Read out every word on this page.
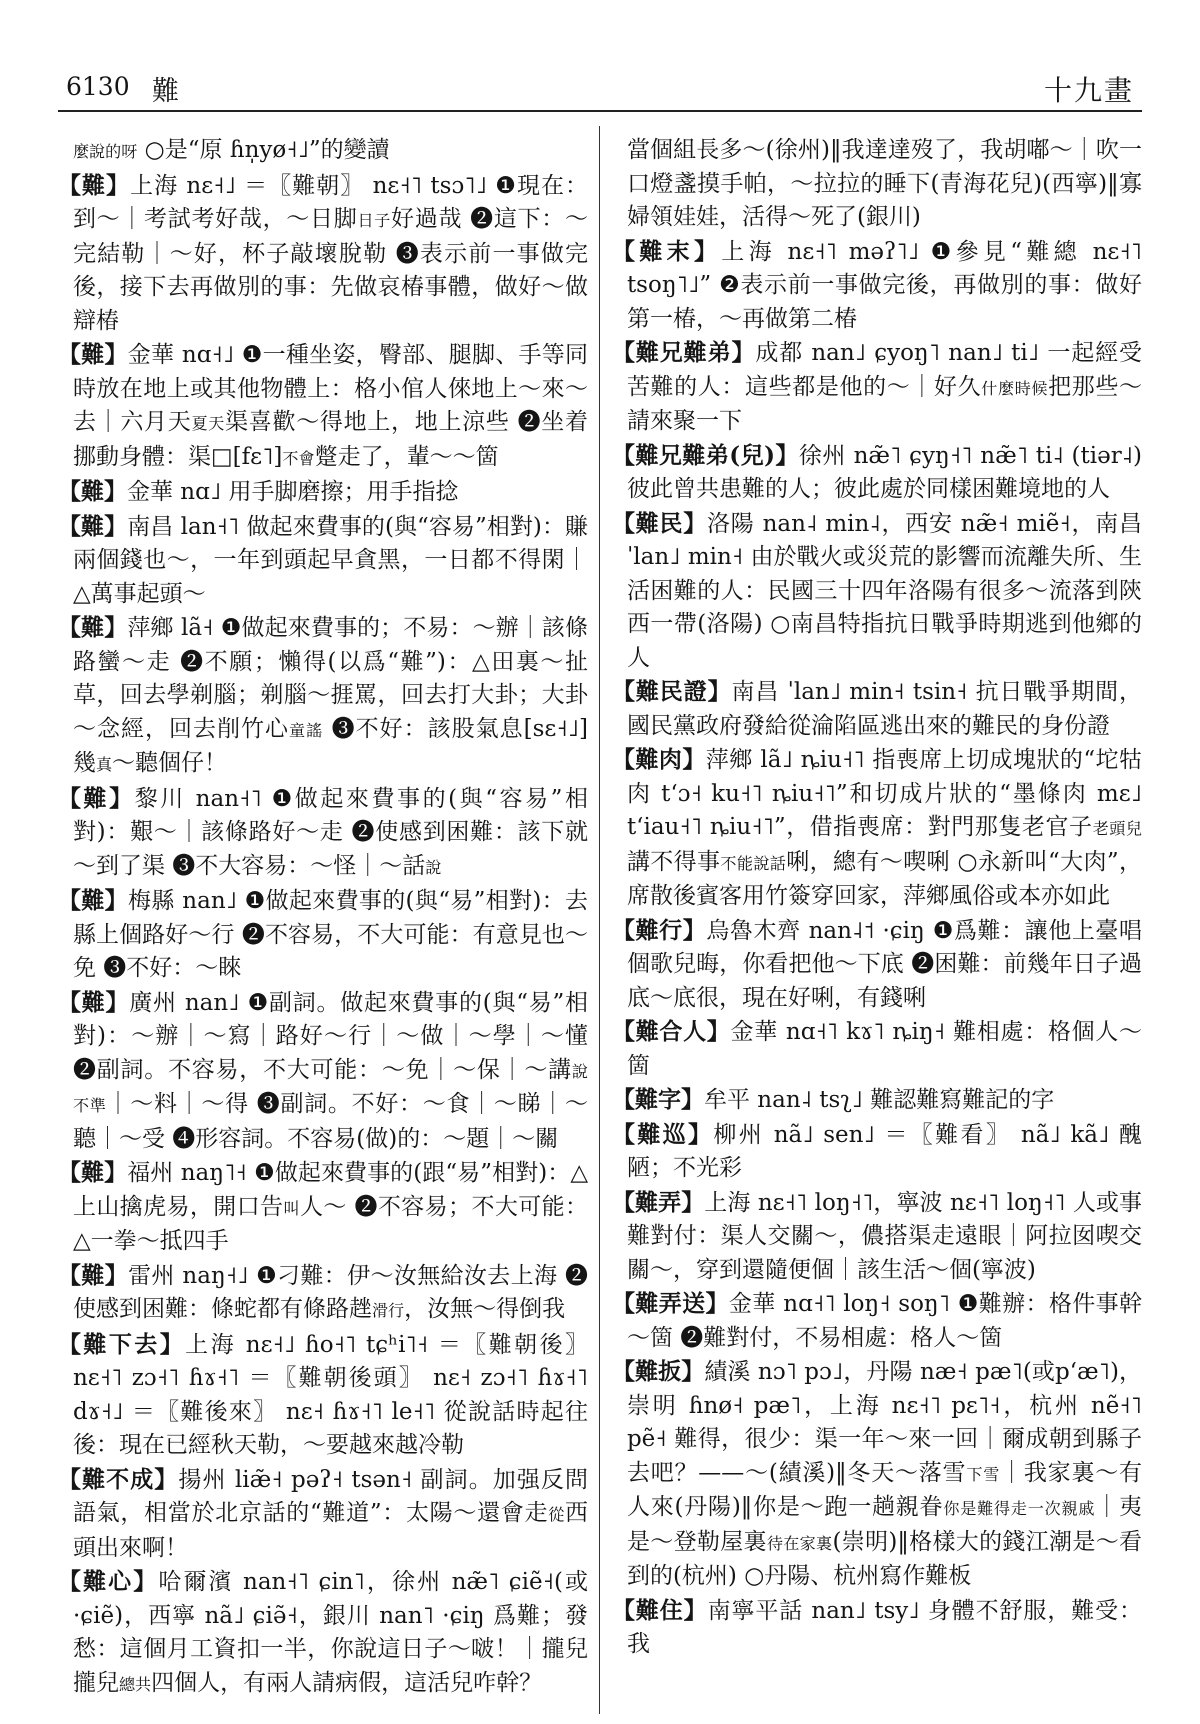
6130 難	十九畫

麼說的呀 ○是“原 ɦn̩yø˧˩”的變讀

【難】上海 nɛ˧˩ ＝〖難朝〗 nɛ˧˥ tsɔ˥˩ ❶現在：到～｜考試考好哉，～日脚日子好過哉 ❷這下：～完結勒｜～好，杯子敲壞脫勒 ❸表示前一事做完後，接下去再做別的事：先做哀椿事體，做好～做辯椿

【難】金華 nɑ˧˩ ❶一種坐姿，臀部、腿脚、手等同時放在地上或其他物體上：格小倌人倈地上～來～去｜六月天夏天渠喜歡～得地上，地上涼些 ❷坐着挪動身體：渠□[fɛ˥]不會蹩走了，輩～～箇

【難】金華 nɑ˩ 用手脚磨擦；用手指捻

【難】南昌 lan˧˥ 做起來費事的(與“容易”相對)：賺兩個錢也～，一年到頭起早貪黑，一日都不得閑｜△萬事起頭～

【難】萍鄉 lã˧ ❶做起來費事的；不易：～辦｜該條路蠻～走 ❷不願；懶得(以爲“難”)：△田裏～扯草，回去學剃腦；剃腦～捱罵，回去打大卦；大卦～念經，回去削竹心童謠 ❸不好：該股氣息[sɛ˧˩]幾真～聽個仔！

【難】黎川 nan˧˥ ❶做起來費事的(與“容易”相對)：艱～｜該條路好～走 ❷使感到困難：該下就～到了渠 ❸不大容易：～怪｜～話說

【難】梅縣 nan˩ ❶做起來費事的(與“易”相對)：去縣上個路好～行 ❷不容易，不大可能：有意見也～免 ❸不好：～睞

【難】廣州 nan˩ ❶副詞。做起來費事的(與“易”相對)：～辦｜～寫｜路好～行｜～做｜～學｜～懂 ❷副詞。不容易，不大可能：～免｜～保｜～講說不準｜～料｜～得 ❸副詞。不好：～食｜～睇｜～聽｜～受 ❹形容詞。不容易(做)的：～題｜～關

【難】福州 naŋ˥˧ ❶做起來費事的(跟“易”相對)：△上山擒虎易，開口告叫人～ ❷不容易；不大可能：△一拳～抵四手

【難】雷州 naŋ˧˩ ❶刁難：伊～汝無給汝去上海 ❷使感到困難：條蛇都有條路趖滑行，汝無～得倒我

【難下去】上海 nɛ˧˩ ɦo˧˥ tɕʰi˥˧ ＝〖難朝後〗 nɛ˧˥ zɔ˧˥ ɦɤ˧˥ ＝〖難朝後頭〗 nɛ˧ zɔ˧˥ ɦɤ˧˥ dɤ˧˩ ＝〖難後來〗 nɛ˧ ɦɤ˧˥ le˧˥ 從說話時起往後：現在已經秋天勒，～要越來越冷勒

【難不成】揚州 liæ̃˧ pəʔ˧ tsən˧ 副詞。加强反問語氣，相當於北京話的“難道”：太陽～還會走從西頭出來啊！

【難心】哈爾濱 nan˧˥ ɕin˥，徐州 næ̃˥ ɕiẽ˧(或·ɕiẽ)，西寧 nã˩ ɕiə̃˧，銀川 nan˥ ·ɕiŋ 爲難；發愁：這個月工資扣一半，你說這日子～啵！｜攏兒攏兒總共四個人，有兩人請病假，這活兒咋幹？

當個組長多～(徐州)‖我達達歿了，我胡嘟～｜吹一口燈盞摸手帕，～拉拉的睡下(青海花兒)(西寧)‖寡婦領娃娃，活得～死了(銀川)

【難末】上海 nɛ˧˥ məʔ˥˩ ❶參見“難總 nɛ˧˥ tsoŋ˥˩” ❷表示前一事做完後，再做別的事：做好第一椿，～再做第二椿

【難兄難弟】成都 nan˩ ɕyoŋ˥ nan˩ ti˩ 一起經受苦難的人：這些都是他的～｜好久什麼時候把那些～請來聚一下

【難兄難弟(兒)】徐州 næ̃˥ ɕyŋ˧˥ næ̃˥ ti˨ (tiər˨) 彼此曾共患難的人；彼此處於同樣困難境地的人

【難民】洛陽 nan˨ min˨，西安 næ̃˧ miẽ˧，南昌 ˈlan˩ min˧ 由於戰火或災荒的影響而流離失所、生活困難的人：民國三十四年洛陽有很多～流落到陝西一帶(洛陽) ○南昌特指抗日戰爭時期逃到他鄉的人

【難民證】南昌 ˈlan˩ min˧ tsin˧ 抗日戰爭期間，國民黨政府發給從淪陷區逃出來的難民的身份證

【難肉】萍鄉 lã˩ ȵiu˧˥ 指喪席上切成塊狀的“坨牯肉 tʻɔ˧ ku˧˥ ȵiu˧˥”和切成片狀的“墨條肉 mɛ˩ tʻiau˧˥ ȵiu˧˥”，借指喪席：對門那隻老官子老頭兒講不得事不能說話唎，總有～喫唎 ○永新叫“大肉”，席散後賓客用竹簽穿回家，萍鄉風俗或本亦如此

【難行】烏魯木齊 nan˨˦ ·ɕiŋ ❶爲難：讓他上臺唱個歌兒晦，你看把他～下底 ❷困難：前幾年日子過底～底很，現在好唎，有錢唎

【難合人】金華 nɑ˧˥ kɤ˥ ȵiŋ˧ 難相處：格個人～箇

【難字】牟平 nan˨ tsʅ˩ 難認難寫難記的字

【難巡】柳州 nã˩ sen˩ ＝〖難看〗 nã˩ kã˩ 醜陋；不光彩

【難弄】上海 nɛ˧˥ loŋ˧˥，寧波 nɛ˧˥ loŋ˧˥ 人或事難對付：渠人交關～，儂搭渠走遠眼｜阿拉囡喫交關～，穿到還隨便個｜該生活～個(寧波)

【難弄送】金華 nɑ˧˥ loŋ˧ soŋ˥ ❶難辦：格件事幹～箇 ❷難對付，不易相處：格人～箇

【難扳】績溪 nɔ˥ pɔ˩，丹陽 næ˧ pæ˥(或pʻæ˥)，崇明 ɦnø˧ pæ˥，上海 nɛ˧˥ pɛ˥˧，杭州 nẽ˧˥ pẽ˧ 難得，很少：渠一年～來一回｜爾成朝到縣子去吧？——～(績溪)‖冬天～落雪下雪｜我家裏～有人來(丹陽)‖你是～跑一趟親眷你是難得走一次親戚｜夷是～登勒屋裏待在家裏(崇明)‖格樣大的錢江潮是～看到的(杭州) ○丹陽、杭州寫作難板

【難住】南寧平話 nan˩ tsy˩ 身體不舒服，難受：我
